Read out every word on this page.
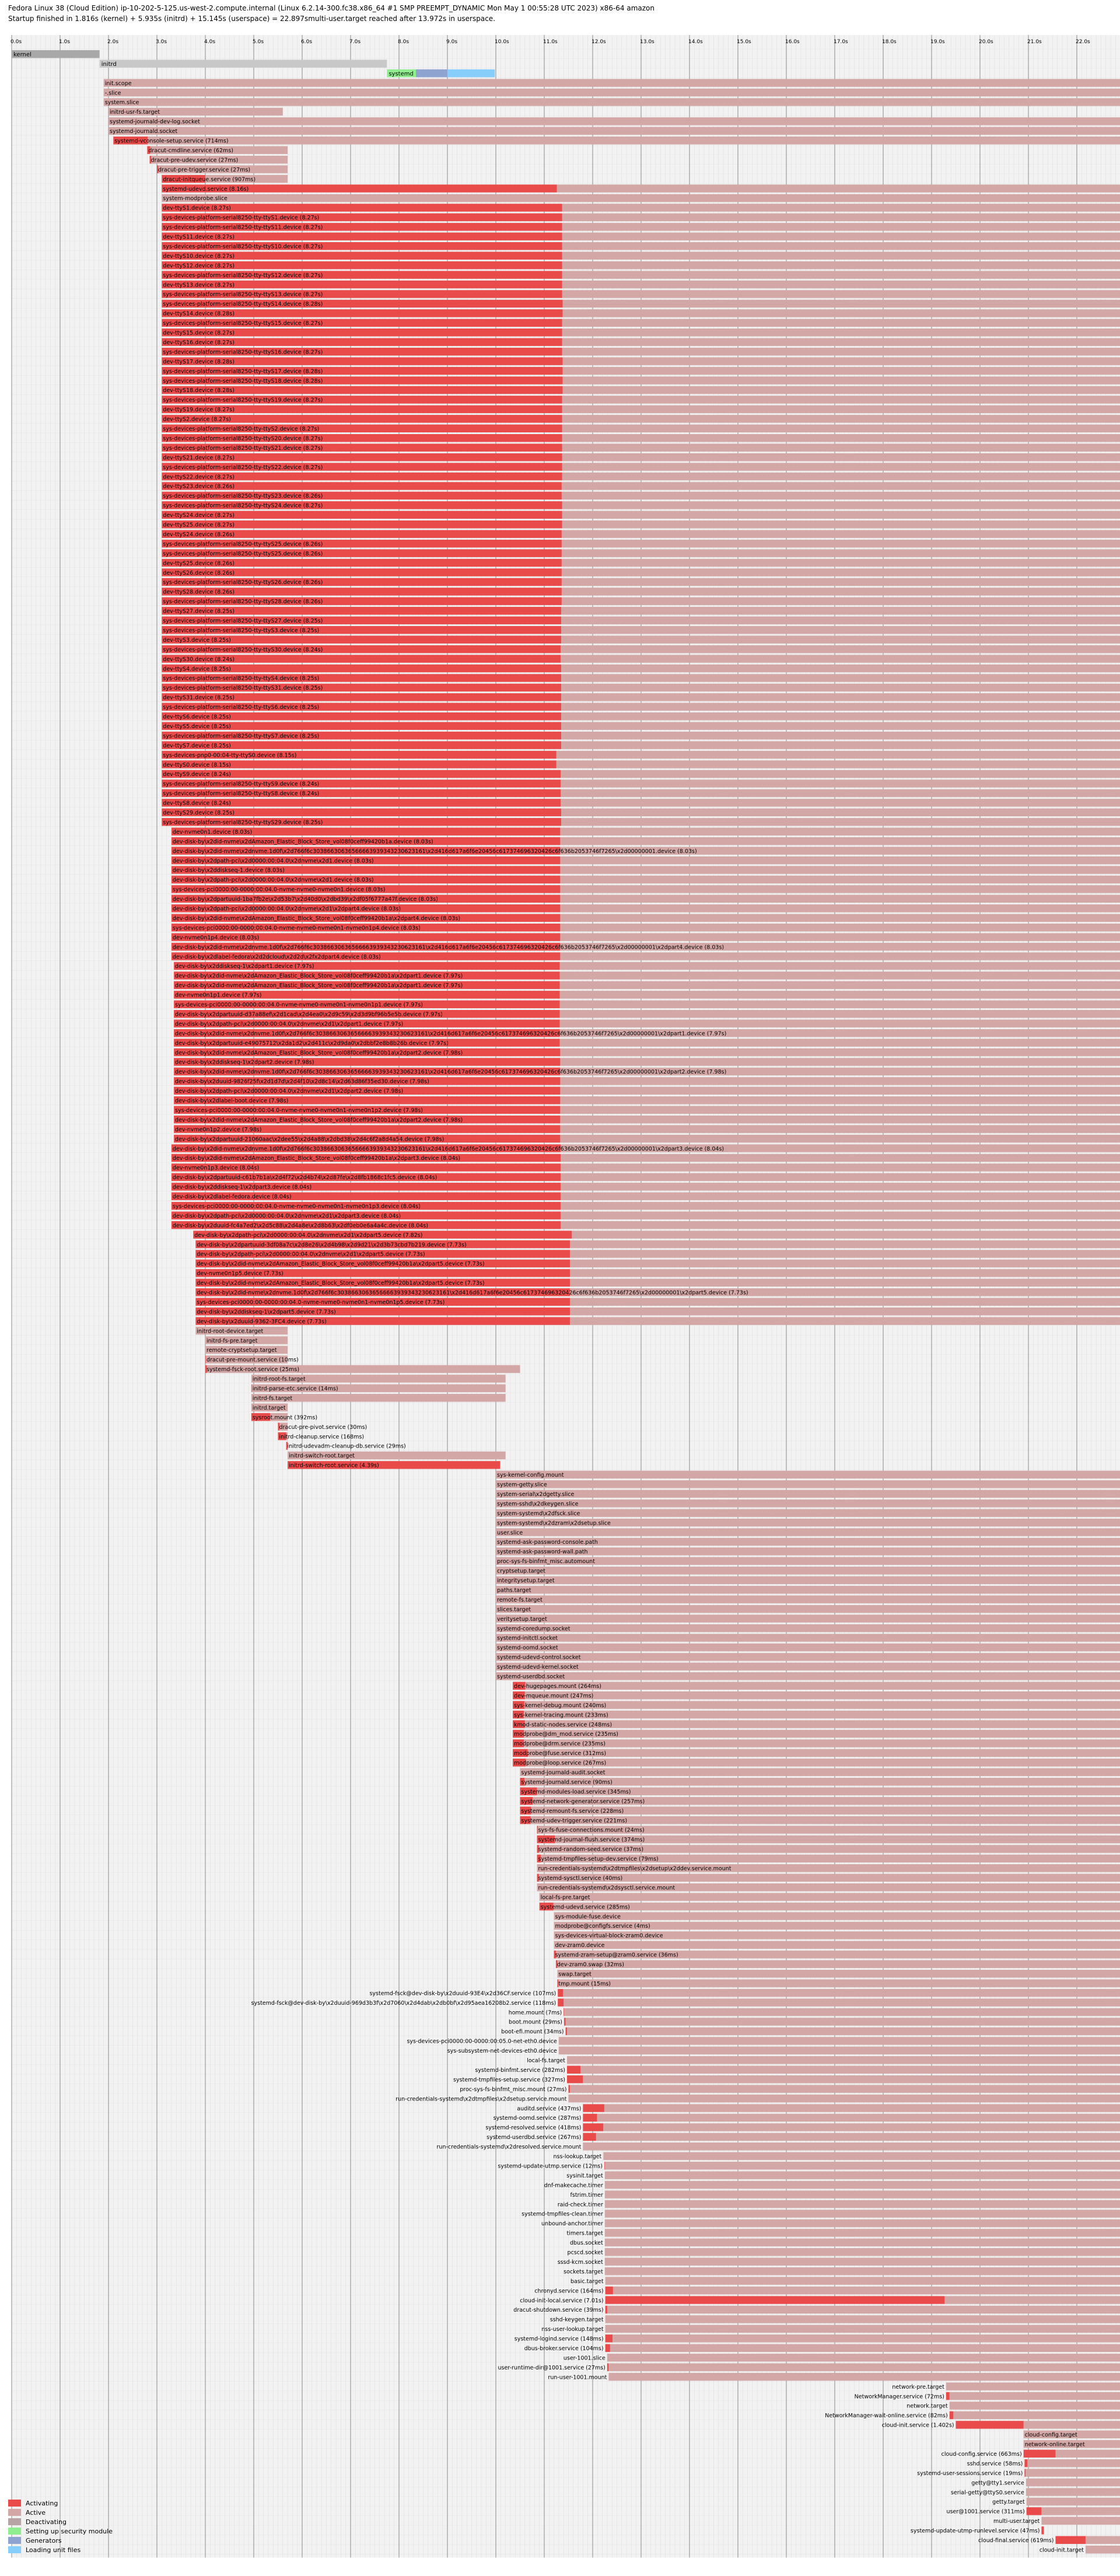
Fedora Linux 38 (Cloud Edition) ip-10-202-5-125.us-west-2.compute.internal (Linux 6.2.14-300.fc38.x86_64 #1 SMP PREEMPT_DYNAMIC Mon May 1 00:55:28 UTC 2023) x86-64 amazon
Startup finished in 1.816s (kernel) + 5.935s (initrd) + 15.145s (userspace) = 22.897smulti-user.target reached after 13.972s in userspace.
0.0s	1.0s	2.0s	3.0s	4.0s	5.0s	6.0s	7.0s	8.0s	9.0s	10.0s	11.0s	12.0s	13.0s	14.0s	15.0s	16.0s	17.0s	18.0s	19.0s	20.0s	21.0s	22.0s
kernel
initrd
systemd
init.scope
-.slice
system.slice
initrd-usr-fs.target
systemd-journald-dev-log.socket
systemd-journald.socket
systemd-vconsole-setup.service (714ms)
dracut-cmdline.service (62ms)
dracut-pre-udev.service (27ms)
dracut-pre-trigger.service (27ms)
dracut-initqueue.service (907ms)
systemd-udevd.service (8.16s)
system-modprobe.slice
dev-ttyS1.device (8.27s)
sys-devices-platform-serial8250-tty-ttyS1.device (8.27s)
sys-devices-platform-serial8250-tty-ttyS11.device (8.27s)
dev-ttyS11.device (8.27s)
sys-devices-platform-serial8250-tty-ttyS10.device (8.27s)
dev-ttyS10.device (8.27s)
dev-ttyS12.device (8.27s)
sys-devices-platform-serial8250-tty-ttyS12.device (8.27s)
dev-ttyS13.device (8.27s)
sys-devices-platform-serial8250-tty-ttyS13.device (8.27s)
sys-devices-platform-serial8250-tty-ttyS14.device (8.28s)
dev-ttyS14.device (8.28s)
sys-devices-platform-serial8250-tty-ttyS15.device (8.27s)
dev-ttyS15.device (8.27s)
dev-ttyS16.device (8.27s)
sys-devices-platform-serial8250-tty-ttyS16.device (8.27s)
dev-ttyS17.device (8.28s)
sys-devices-platform-serial8250-tty-ttyS17.device (8.28s)
sys-devices-platform-serial8250-tty-ttyS18.device (8.28s)
dev-ttyS18.device (8.28s)
sys-devices-platform-serial8250-tty-ttyS19.device (8.27s)
dev-ttyS19.device (8.27s)
dev-ttyS2.device (8.27s)
sys-devices-platform-serial8250-tty-ttyS2.device (8.27s)
sys-devices-platform-serial8250-tty-ttyS20.device (8.27s)
sys-devices-platform-serial8250-tty-ttyS21.device (8.27s)
dev-ttyS21.device (8.27s)
sys-devices-platform-serial8250-tty-ttyS22.device (8.27s)
dev-ttyS22.device (8.27s)
dev-ttyS23.device (8.26s)
sys-devices-platform-serial8250-tty-ttyS23.device (8.26s)
sys-devices-platform-serial8250-tty-ttyS24.device (8.27s)
dev-ttyS24.device (8.27s)
dev-ttyS25.device (8.27s)
dev-ttyS24.device (8.26s)
sys-devices-platform-serial8250-tty-ttyS25.device (8.26s)
sys-devices-platform-serial8250-tty-ttyS25.device (8.26s)
dev-ttyS25.device (8.26s)
dev-ttyS26.device (8.26s)
sys-devices-platform-serial8250-tty-ttyS26.device (8.26s)
dev-ttyS28.device (8.26s)
sys-devices-platform-serial8250-tty-ttyS28.device (8.26s)
dev-ttyS27.device (8.25s)
sys-devices-platform-serial8250-tty-ttyS27.device (8.25s)
sys-devices-platform-serial8250-tty-ttyS3.device (8.25s)
dev-ttyS3.device (8.25s)
sys-devices-platform-serial8250-tty-ttyS30.device (8.24s)
dev-ttyS30.device (8.24s)
dev-ttyS4.device (8.25s)
sys-devices-platform-serial8250-tty-ttyS4.device (8.25s)
sys-devices-platform-serial8250-tty-ttyS31.device (8.25s)
dev-ttyS31.device (8.25s)
sys-devices-platform-serial8250-tty-ttyS6.device (8.25s)
dev-ttyS6.device (8.25s)
dev-ttyS5.device (8.25s)
sys-devices-platform-serial8250-tty-ttyS7.device (8.25s)
dev-ttyS7.device (8.25s)
sys-devices-pnp0-00:04-tty-ttyS0.device (8.15s)
dev-ttyS0.device (8.15s)
dev-ttyS9.device (8.24s)
sys-devices-platform-serial8250-tty-ttyS9.device (8.24s)
sys-devices-platform-serial8250-tty-ttyS8.device (8.24s)
dev-ttyS8.device (8.24s)
dev-ttyS29.device (8.25s)
sys-devices-platform-serial8250-tty-ttyS29.device (8.25s)
dev-nvme0n1.device (8.03s)
dev-disk-by\x2did-nvme\x2dAmazon_Elastic_Block_Store_vol08f0ceff99420b1a.device (8.03s)
dev-disk-by\x2did-nvme\x2dnvme.1d0f\x2d766f6c30386630636566663939343230623161\x2d416d617a6f6e20456c617374696320426c6f636b2053746f7265\x2d00000001.device (8.03s)
dev-disk-by\x2dpath-pci\x2d0000:00:04.0\x2dnvme\x2d1.device (8.03s)
dev-disk-by\x2ddiskseq-1.device (8.03s)
dev-disk-by\x2dpath-pci\x2d0000:00:04.0\x2dnvme\x2d1.device (8.03s)
sys-devices-pci0000:00-0000:00:04.0-nvme-nvme0-nvme0n1.device (8.03s)
dev-disk-by\x2dpartuuid-1ba7fb2e\x2d53b7\x2d40d0\x2dbd39\x2df05f6777a47f.device (8.03s)
dev-disk-by\x2dpath-pci\x2d0000:00:04.0\x2dnvme\x2d1\x2dpart4.device (8.03s)
dev-disk-by\x2did-nvme\x2dAmazon_Elastic_Block_Store_vol08f0ceff99420b1a\x2dpart4.device (8.03s)
sys-devices-pci0000:00-0000:00:04.0-nvme-nvme0-nvme0n1-nvme0n1p4.device (8.03s)
dev-nvme0n1p4.device (8.03s)
dev-disk-by\x2did-nvme\x2dnvme.1d0f\x2d766f6c30386630636566663939343230623161\x2d416d617a6f6e20456c617374696320426c6f636b2053746f7265\x2d00000001\x2dpart4.device (8.03s)
dev-disk-by\x2dlabel-fedora\x2d2dcloud\x2d2d\x2fx2dpart4.device (8.03s)
dev-disk-by\x2ddiskseq-1\x2dpart1.device (7.97s)
dev-disk-by\x2did-nvme\x2dAmazon_Elastic_Block_Store_vol08f0ceff99420b1a\x2dpart1.device (7.97s)
dev-disk-by\x2did-nvme\x2dAmazon_Elastic_Block_Store_vol08f0ceff99420b1a\x2dpart1.device (7.97s)
dev-nvme0n1p1.device (7.97s)
sys-devices-pci0000:00-0000:00:04.0-nvme-nvme0-nvme0n1-nvme0n1p1.device (7.97s)
dev-disk-by\x2dpartuuid-d37a88ef\x2d1cad\x2d4ea0\x2d9c59\x2d3d9bf96b5e5b.device (7.97s)
dev-disk-by\x2dpath-pci\x2d0000:00:04.0\x2dnvme\x2d1\x2dpart1.device (7.97s)
dev-disk-by\x2did-nvme\x2dnvme.1d0f\x2d766f6c30386630636566663939343230623161\x2d416d617a6f6e20456c617374696320426c6f636b2053746f7265\x2d00000001\x2dpart1.device (7.97s)
dev-disk-by\x2dpartuuid-e49075712\x2da1d2\x2d411c\x2d9da0\x2dbbf2e8b8b26b.device (7.97s)
dev-disk-by\x2did-nvme\x2dAmazon_Elastic_Block_Store_vol08f0ceff99420b1a\x2dpart2.device (7.98s)
dev-disk-by\x2ddiskseq-1\x2dpart2.device (7.98s)
dev-disk-by\x2did-nvme\x2dnvme.1d0f\x2d766f6c30386630636566663939343230623161\x2d416d617a6f6e20456c617374696320426c6f636b2053746f7265\x2d00000001\x2dpart2.device (7.98s)
dev-disk-by\x2duuid-9826f25f\x2d1d7d\x2d4f10\x2d8c14\x2d63d86f35ed30.device (7.98s)
dev-disk-by\x2dpath-pci\x2d0000:00:04.0\x2dnvme\x2d1\x2dpart2.device (7.98s)
dev-disk-by\x2dlabel-boot.device (7.98s)
sys-devices-pci0000:00-0000:00:04.0-nvme-nvme0-nvme0n1-nvme0n1p2.device (7.98s)
dev-disk-by\x2did-nvme\x2dAmazon_Elastic_Block_Store_vol08f0ceff99420b1a\x2dpart2.device (7.98s)
dev-nvme0n1p2.device (7.98s)
dev-disk-by\x2dpartuuid-21060aac\x2dee55\x2d4a88\x2dbd38\x2d4c6f2a8d4a54.device (7.98s)
dev-disk-by\x2did-nvme\x2dnvme.1d0f\x2d766f6c30386630636566663939343230623161\x2d416d617a6f6e20456c617374696320426c6f636b2053746f7265\x2d00000001\x2dpart3.device (8.04s)
dev-disk-by\x2did-nvme\x2dAmazon_Elastic_Block_Store_vol08f0ceff99420b1a\x2dpart3.device (8.04s)
dev-nvme0n1p3.device (8.04s)
dev-disk-by\x2dpartuuid-c61b7b1a\x2d4f72\x2d4b74\x2d87fe\x2d8fb1868c1fc5.device (8.04s)
dev-disk-by\x2ddiskseq-1\x2dpart3.device (8.04s)
dev-disk-by\x2dlabel-fedora.device (8.04s)
sys-devices-pci0000:00-0000:00:04.0-nvme-nvme0-nvme0n1-nvme0n1p3.device (8.04s)
dev-disk-by\x2dpath-pci\x2d0000:00:04.0\x2dnvme\x2d1\x2dpart3.device (8.04s)
dev-disk-by\x2duuid-fc4a7ed2\x2d5c88\x2d4a8e\x2d8b63\x2df0eb0e6a4a4c.device (8.04s)
dev-disk-by\x2dpath-pci\x2d0000:00:04.0\x2dnvme\x2d1\x2dpart5.device (7.82s)
dev-disk-by\x2dpartuuid-3df08a7c\x2d8e26\x2d4b98\x2d9d21\x2d3b73cbd7b219.device (7.73s)
dev-disk-by\x2dpath-pci\x2d0000:00:04.0\x2dnvme\x2d1\x2dpart5.device (7.73s)
dev-disk-by\x2did-nvme\x2dAmazon_Elastic_Block_Store_vol08f0ceff99420b1a\x2dpart5.device (7.73s)
dev-nvme0n1p5.device (7.73s)
dev-disk-by\x2did-nvme\x2dAmazon_Elastic_Block_Store_vol08f0ceff99420b1a\x2dpart5.device (7.73s)
dev-disk-by\x2did-nvme\x2dnvme.1d0f\x2d766f6c30386630636566663939343230623161\x2d416d617a6f6e20456c617374696320426c6f636b2053746f7265\x2d00000001\x2dpart5.device (7.73s)
sys-devices-pci0000:00-0000:00:04.0-nvme-nvme0-nvme0n1-nvme0n1p5.device (7.73s)
dev-disk-by\x2ddiskseq-1\x2dpart5.device (7.73s)
dev-disk-by\x2duuid-9362-3FC4.device (7.73s)
initrd-root-device.target
initrd-fs-pre.target
remote-cryptsetup.target
dracut-pre-mount.service (10ms)
systemd-fsck-root.service (25ms)
initrd-root-fs.target
initrd-parse-etc.service (14ms)
initrd-fs.target
initrd.target
sysroot.mount (392ms)
dracut-pre-pivot.service (30ms)
initrd-cleanup.service (168ms)
initrd-udevadm-cleanup-db.service (29ms)
initrd-switch-root.target
initrd-switch-root.service (4.39s)
sys-kernel-config.mount
system-getty.slice
system-serial\x2dgetty.slice
system-sshd\x2dkeygen.slice
system-systemd\x2dfsck.slice
system-systemd\x2dzram\x2dsetup.slice
user.slice
systemd-ask-password-console.path
systemd-ask-password-wall.path
proc-sys-fs-binfmt_misc.automount
cryptsetup.target
integritysetup.target
paths.target
remote-fs.target
slices.target
veritysetup.target
systemd-coredump.socket
systemd-initctl.socket
systemd-oomd.socket
systemd-udevd-control.socket
systemd-udevd-kernel.socket
systemd-userdbd.socket
dev-hugepages.mount (264ms)
dev-mqueue.mount (247ms)
sys-kernel-debug.mount (240ms)
sys-kernel-tracing.mount (233ms)
kmod-static-nodes.service (248ms)
modprobe@dm_mod.service (235ms)
modprobe@drm.service (235ms)
modprobe@fuse.service (312ms)
modprobe@loop.service (267ms)
systemd-journald-audit.socket
systemd-journald.service (90ms)
systemd-modules-load.service (345ms)
systemd-network-generator.service (257ms)
systemd-remount-fs.service (228ms)
systemd-udev-trigger.service (221ms)
sys-fs-fuse-connections.mount (24ms)
systemd-journal-flush.service (374ms)
systemd-random-seed.service (37ms)
systemd-tmpfiles-setup-dev.service (79ms)
run-credentials-systemd\x2dtmpfiles\x2dsetup\x2ddev.service.mount
systemd-sysctl.service (40ms)
run-credentials-systemd\x2dsysctl.service.mount
local-fs-pre.target
systemd-udevd.service (285ms)
sys-module-fuse.device
modprobe@configfs.service (4ms)
sys-devices-virtual-block-zram0.device
dev-zram0.device
systemd-zram-setup@zram0.service (36ms)
dev-zram0.swap (32ms)
swap.target
tmp.mount (15ms)
systemd-fsck@dev-disk-by\x2duuid-93E4\x2d36CF.service (107ms)
systemd-fsck@dev-disk-by\x2duuid-969d3b3f\x2d7060\x2d4dab\x2db0bf\x2d95aea16208b2.service (118ms)
home.mount (7ms)
boot.mount (29ms)
boot-efi.mount (34ms)
sys-devices-pci0000:00-0000:00:05.0-net-eth0.device
sys-subsystem-net-devices-eth0.device
local-fs.target
systemd-binfmt.service (282ms)
systemd-tmpfiles-setup.service (327ms)
proc-sys-fs-binfmt_misc.mount (27ms)
run-credentials-systemd\x2dtmpfiles\x2dsetup.service.mount
auditd.service (437ms)
systemd-oomd.service (287ms)
systemd-resolved.service (418ms)
systemd-userdbd.service (267ms)
run-credentials-systemd\x2dresolved.service.mount
nss-lookup.target
systemd-update-utmp.service (12ms)
sysinit.target
dnf-makecache.timer
fstrim.timer
raid-check.timer
systemd-tmpfiles-clean.timer
unbound-anchor.timer
timers.target
dbus.socket
pcscd.socket
sssd-kcm.socket
sockets.target
basic.target
chronyd.service (164ms)
cloud-init-local.service (7.01s)
dracut-shutdown.service (39ms)
sshd-keygen.target
nss-user-lookup.target
systemd-logind.service (148ms)
dbus-broker.service (104ms)
user-1001.slice
user-runtime-dir@1001.service (27ms)
run-user-1001.mount
network-pre.target
NetworkManager.service (72ms)
network.target
NetworkManager-wait-online.service (82ms)
cloud-init.service (1.402s)
cloud-config.target
network-online.target
cloud-config.service (663ms)
sshd.service (58ms)
systemd-user-sessions.service (19ms)
getty@tty1.service
serial-getty@ttyS0.service
getty.target
user@1001.service (311ms)
multi-user.target
systemd-update-utmp-runlevel.service (47ms)
cloud-final.service (619ms)
cloud-init.target
Activating
Active
Deactivating
Setting up security module
Generators
Loading unit files
